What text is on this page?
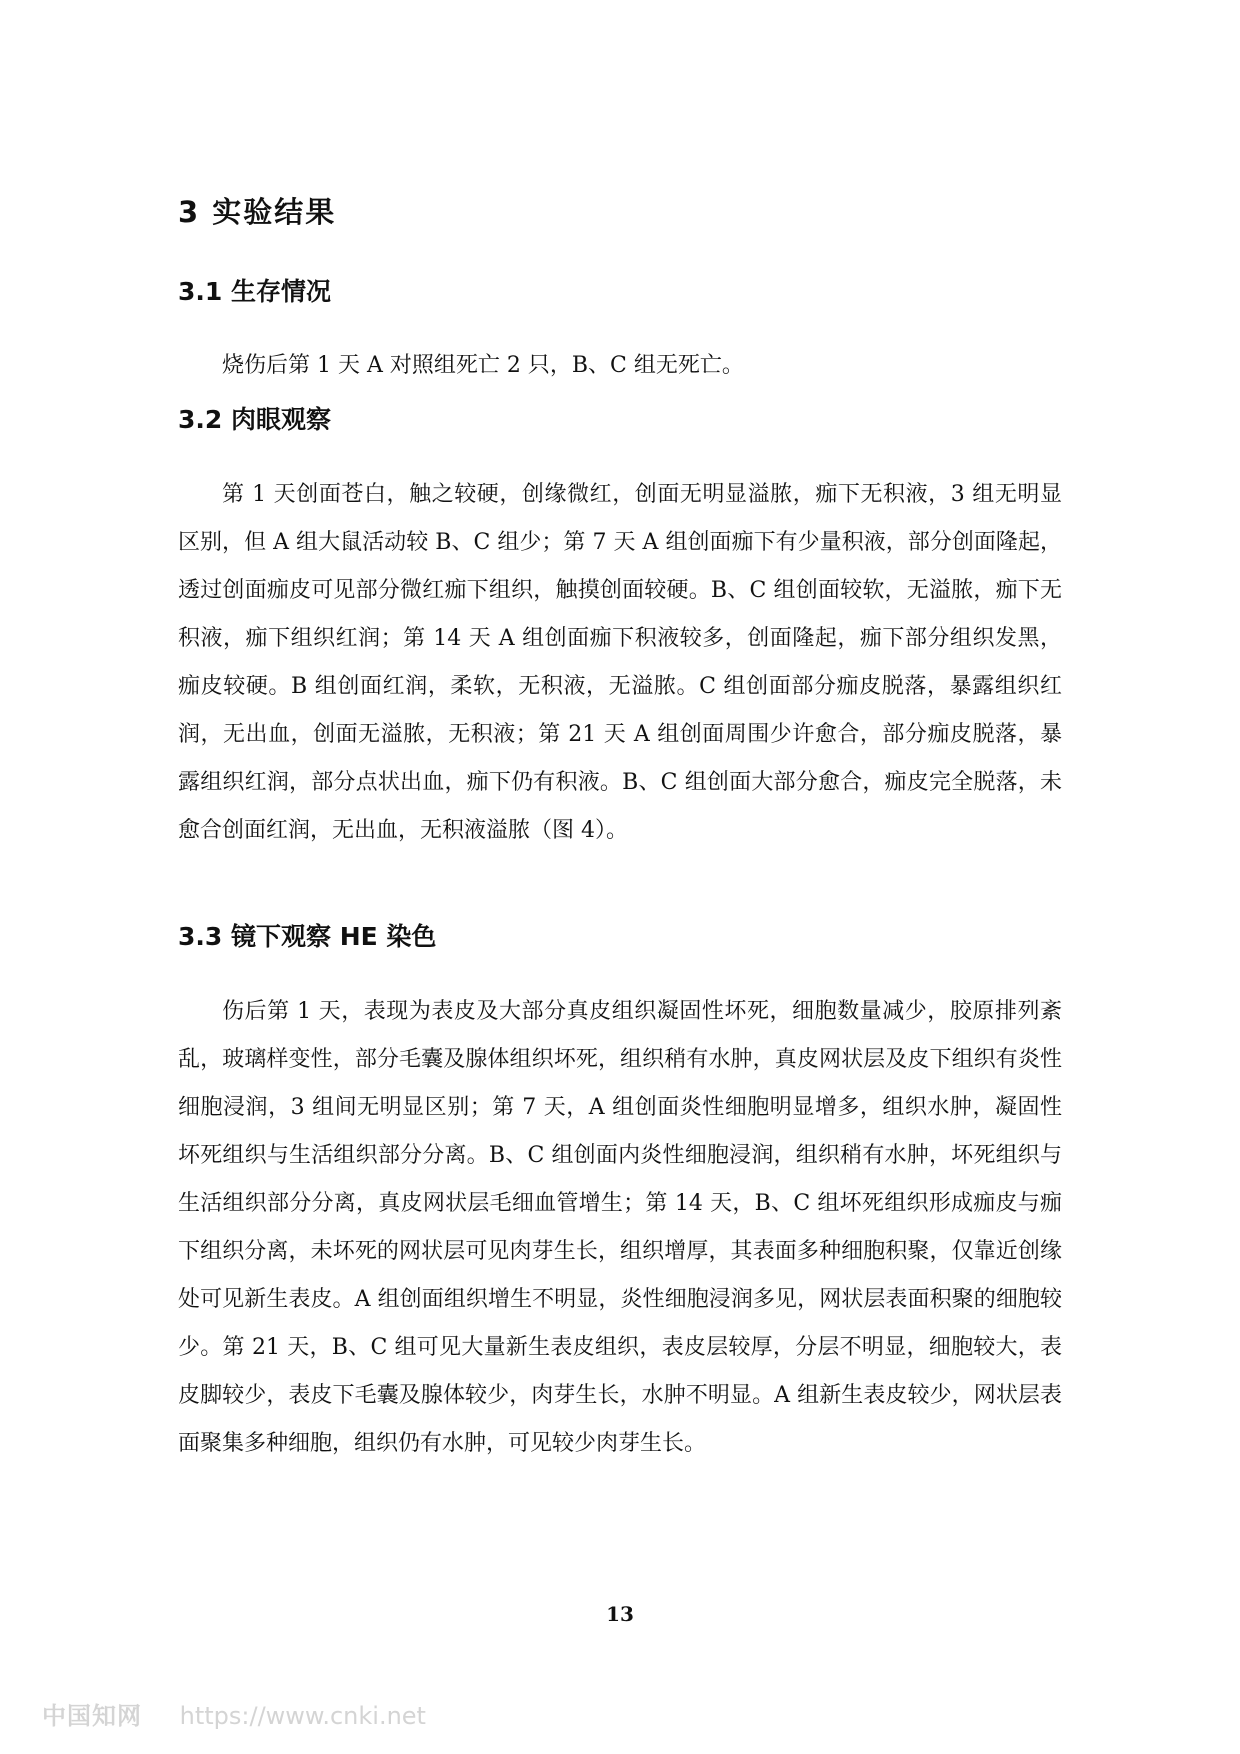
3 实验结果
3.1 生存情况

烧伤后第 1 天 A 对照组死亡 2 只，B、C 组无死亡。

3.2 肉眼观察

第 1 天创面苍白，触之较硬，创缘微红，创面无明显溢脓，痂下无积液，3 组无明显区别，但 A 组大鼠活动较 B、C 组少；第 7 天 A 组创面痂下有少量积液，部分创面隆起，透过创面痂皮可见部分微红痂下组织，触摸创面较硬。B、C 组创面较软，无溢脓，痂下无积液，痂下组织红润；第 14 天 A 组创面痂下积液较多，创面隆起，痂下部分组织发黑，痂皮较硬。B 组创面红润，柔软，无积液，无溢脓。C 组创面部分痂皮脱落，暴露组织红润，无出血，创面无溢脓，无积液；第 21 天 A 组创面周围少许愈合，部分痂皮脱落，暴露组织红润，部分点状出血，痂下仍有积液。B、C 组创面大部分愈合，痂皮完全脱落，未愈合创面红润，无出血，无积液溢脓（图 4）。

3.3 镜下观察 HE 染色

伤后第 1 天，表现为表皮及大部分真皮组织凝固性坏死，细胞数量减少，胶原排列紊乱，玻璃样变性，部分毛囊及腺体组织坏死，组织稍有水肿，真皮网状层及皮下组织有炎性细胞浸润，3 组间无明显区别；第 7 天，A 组创面炎性细胞明显增多，组织水肿，凝固性坏死组织与生活组织部分分离。B、C 组创面内炎性细胞浸润，组织稍有水肿，坏死组织与生活组织部分分离，真皮网状层毛细血管增生；第 14 天，B、C 组坏死组织形成痂皮与痂下组织分离，未坏死的网状层可见肉芽生长，组织增厚，其表面多种细胞积聚，仅靠近创缘处可见新生表皮。A 组创面组织增生不明显，炎性细胞浸润多见，网状层表面积聚的细胞较少。第 21 天，B、C 组可见大量新生表皮组织，表皮层较厚，分层不明显，细胞较大，表皮脚较少，表皮下毛囊及腺体较少，肉芽生长，水肿不明显。A 组新生表皮较少，网状层表面聚集多种细胞，组织仍有水肿，可见较少肉芽生长。

13
中国知网 https://www.cnki.net
